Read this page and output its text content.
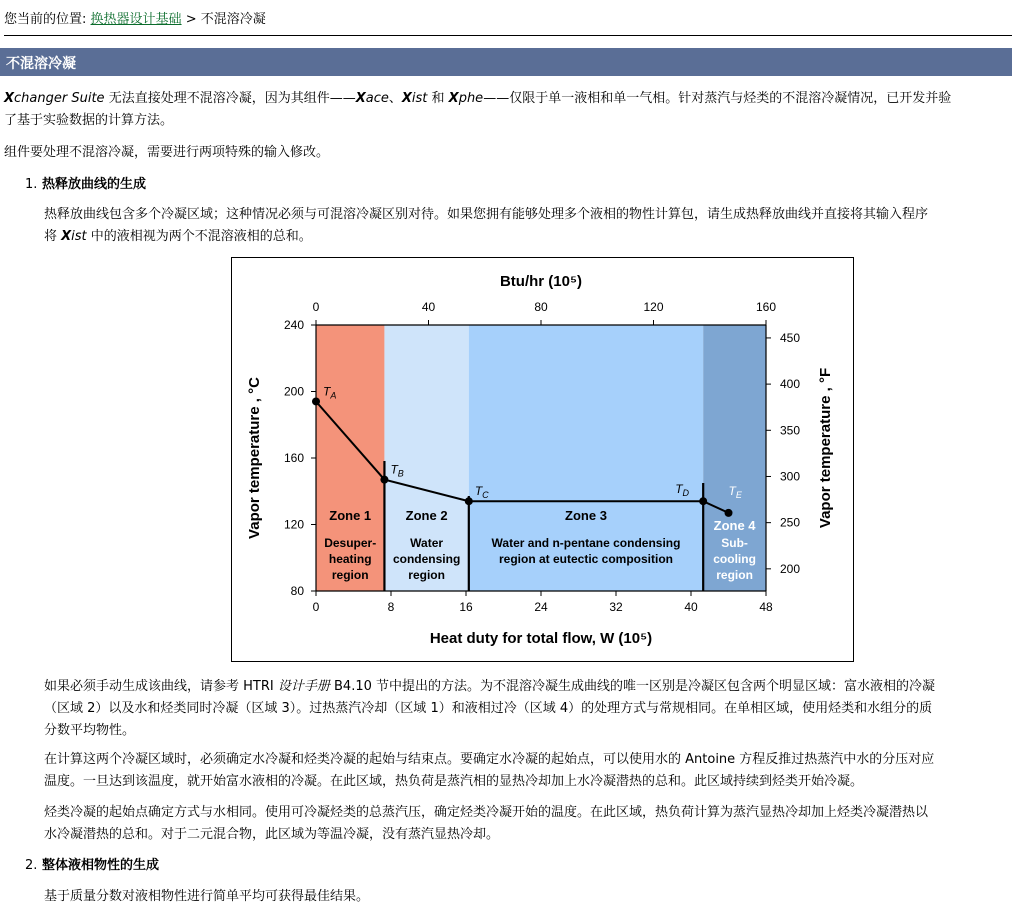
您当前的位置: 换热器设计基础 > 不混溶冷凝
不混溶冷凝
Xchanger Suite 无法直接处理不混溶冷凝，因为其组件——Xace、Xist 和 Xphe——仅限于单一液相和单一气相。针对蒸汽与烃类的不混溶冷凝情况，已开发并验
了基于实验数据的计算方法。
组件要处理不混溶冷凝，需要进行两项特殊的输入修改。
1. 热释放曲线的生成
热释放曲线包含多个冷凝区域；这种情况必须与可混溶冷凝区别对待。如果您拥有能够处理多个液相的物性计算包，请生成热释放曲线并直接将其输入程序
将 Xist 中的液相视为两个不混溶液相的总和。
0	8	16	24	32	40	48
0	40	80	120	160
80
120
160
200
240
200
250
300
350
400
450
Btu/hr (10⁵)
Heat duty for total flow, W (10⁵)
Vapor temperature , °C	Vapor temperature , °F
$T_A$
$T_B$
$T_C$	$T_D$	$T_E$
Zone 1
Desuper-
heating
region
Zone 2
Water
condensing
region
Zone 3
Water and n-pentane condensing
region at eutectic composition
Zone 4
Sub-
cooling
region
如果必须手动生成该曲线，请参考 HTRI 设计手册 B4.10 节中提出的方法。为不混溶冷凝生成曲线的唯一区别是冷凝区包含两个明显区域：富水液相的冷凝
（区域 2）以及水和烃类同时冷凝（区域 3）。过热蒸汽冷却（区域 1）和液相过冷（区域 4）的处理方式与常规相同。在单相区域，使用烃类和水组分的质
分数平均物性。
在计算这两个冷凝区域时，必须确定水冷凝和烃类冷凝的起始与结束点。要确定水冷凝的起始点，可以使用水的 Antoine 方程反推过热蒸汽中水的分压对应
温度。一旦达到该温度，就开始富水液相的冷凝。在此区域，热负荷是蒸汽相的显热冷却加上水冷凝潜热的总和。此区域持续到烃类开始冷凝。
烃类冷凝的起始点确定方式与水相同。使用可冷凝烃类的总蒸汽压，确定烃类冷凝开始的温度。在此区域，热负荷计算为蒸汽显热冷却加上烃类冷凝潜热以
水冷凝潜热的总和。对于二元混合物，此区域为等温冷凝，没有蒸汽显热冷却。
2. 整体液相物性的生成
基于质量分数对液相物性进行简单平均可获得最佳结果。
